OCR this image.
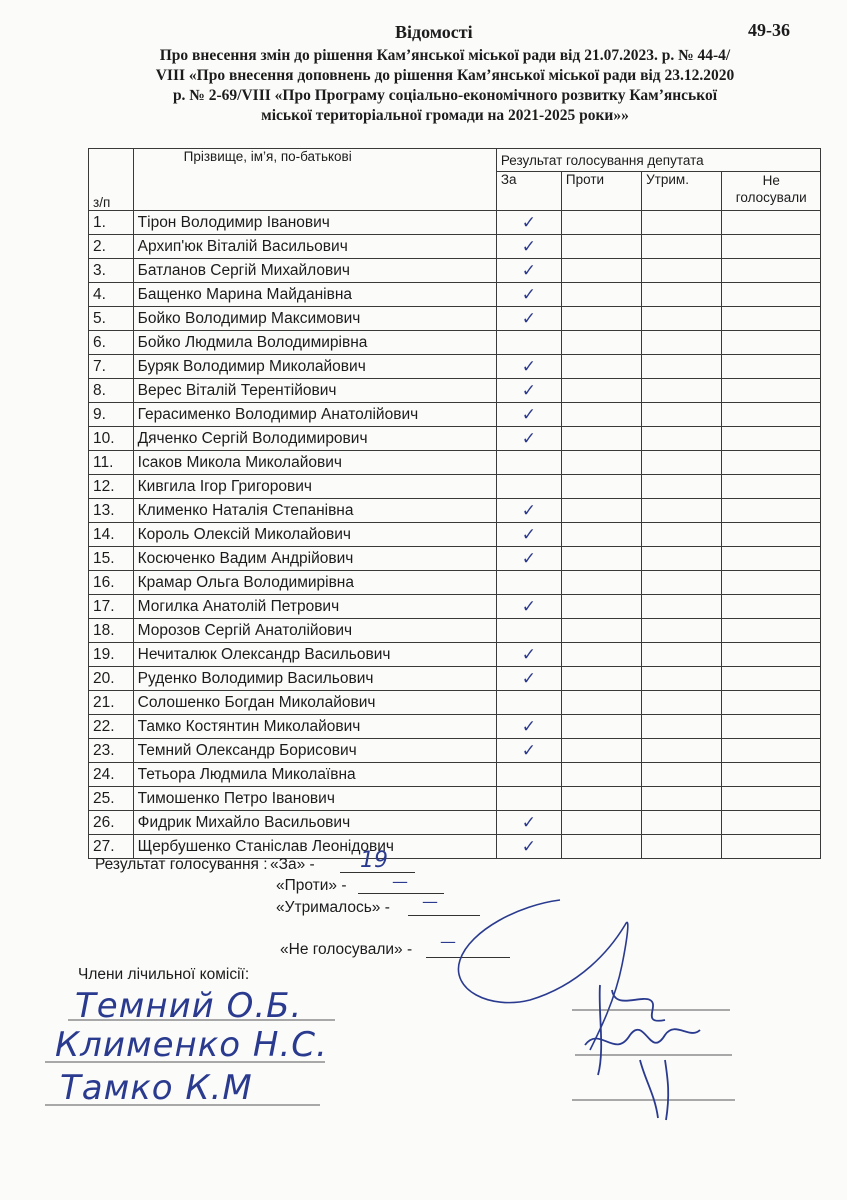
Відомості	49-36
Про внесення змін до рішення Кам’янської міської ради від 21.07.2023. р. № 44-4/
VIII «Про внесення доповнень до рішення Кам’янської міської ради від 23.12.2020
р. № 2-69/VIII «Про Програму соціально-економічного розвитку Кам’янської
міської територіальної громади на 2021-2025 роки»»
з/п	Прізвище, ім’я, по-батькові	Результат голосування депутата			
		За	Проти	Утрим.	Не
голосували

1.	Тірон Володимир Іванович	✓			
2.	Архип'юк Віталій Васильович	✓			
3.	Батланов Сергій Михайлович	✓			
4.	Бащенко Марина Майданівна	✓			
5.	Бойко Володимир Максимович	✓			
6.	Бойко Людмила Володимирівна				
7.	Буряк Володимир Миколайович	✓			
8.	Верес Віталій Терентійович	✓			
9.	Герасименко Володимир Анатолійович	✓			
10.	Дяченко Сергій Володимирович	✓			
11.	Ісаков Микола Миколайович				
12.	Кивгила Ігор Григорович				
13.	Клименко Наталія Степанівна	✓			
14.	Король Олексій Миколайович	✓			
15.	Косюченко Вадим Андрійович	✓			
16.	Крамар Ольга Володимирівна				
17.	Могилка Анатолій Петрович	✓			
18.	Морозов Сергій Анатолійович				
19.	Нечиталюк Олександр Васильович	✓			
20.	Руденко Володимир Васильович	✓			
21.	Солошенко Богдан Миколайович				
22.	Тамко Костянтин Миколайович	✓			
23.	Темний Олександр Борисович	✓			
24.	Тетьора Людмила Миколаївна				
25.	Тимошенко Петро Іванович				
26.	Фидрик Михайло Васильович	✓			
27.	Щербушенко Станіслав Леонідович	✓			
Результат голосування : «За» - 19
«Проти» -	—
«Утрималось» - —
«Не голосували» - —
Члени лічильної комісії:
Темний О.Б.
Клименко Н.С.
Тамко К.М
